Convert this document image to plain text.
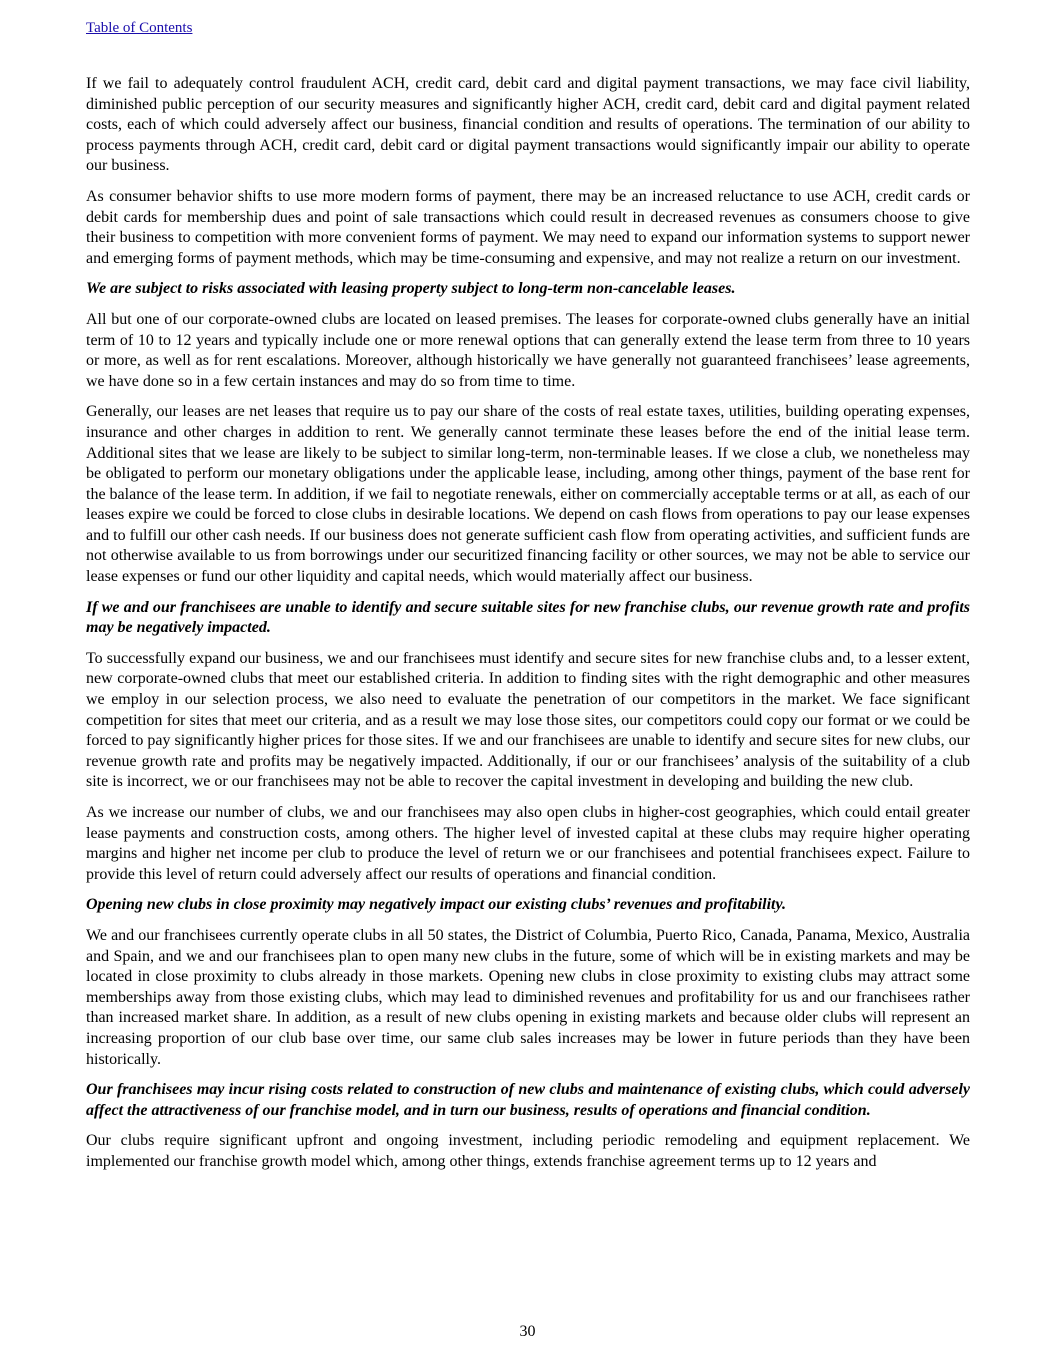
Table of Contents

If we fail to adequately control fraudulent ACH, credit card, debit card and digital payment transactions, we may face civil liability, diminished public perception of our security measures and significantly higher ACH, credit card, debit card and digital payment related costs, each of which could adversely affect our business, financial condition and results of operations. The termination of our ability to process payments through ACH, credit card, debit card or digital payment transactions would significantly impair our ability to operate our business.

As consumer behavior shifts to use more modern forms of payment, there may be an increased reluctance to use ACH, credit cards or debit cards for membership dues and point of sale transactions which could result in decreased revenues as consumers choose to give their business to competition with more convenient forms of payment. We may need to expand our information systems to support newer and emerging forms of payment methods, which may be time-consuming and expensive, and may not realize a return on our investment.

We are subject to risks associated with leasing property subject to long-term non-cancelable leases.

All but one of our corporate-owned clubs are located on leased premises. The leases for corporate-owned clubs generally have an initial term of 10 to 12 years and typically include one or more renewal options that can generally extend the lease term from three to 10 years or more, as well as for rent escalations. Moreover, although historically we have generally not guaranteed franchisees’ lease agreements, we have done so in a few certain instances and may do so from time to time.

Generally, our leases are net leases that require us to pay our share of the costs of real estate taxes, utilities, building operating expenses, insurance and other charges in addition to rent. We generally cannot terminate these leases before the end of the initial lease term. Additional sites that we lease are likely to be subject to similar long-term, non-terminable leases. If we close a club, we nonetheless may be obligated to perform our monetary obligations under the applicable lease, including, among other things, payment of the base rent for the balance of the lease term. In addition, if we fail to negotiate renewals, either on commercially acceptable terms or at all, as each of our leases expire we could be forced to close clubs in desirable locations. We depend on cash flows from operations to pay our lease expenses and to fulfill our other cash needs. If our business does not generate sufficient cash flow from operating activities, and sufficient funds are not otherwise available to us from borrowings under our securitized financing facility or other sources, we may not be able to service our lease expenses or fund our other liquidity and capital needs, which would materially affect our business.

If we and our franchisees are unable to identify and secure suitable sites for new franchise clubs, our revenue growth rate and profits may be negatively impacted.

To successfully expand our business, we and our franchisees must identify and secure sites for new franchise clubs and, to a lesser extent, new corporate-owned clubs that meet our established criteria. In addition to finding sites with the right demographic and other measures we employ in our selection process, we also need to evaluate the penetration of our competitors in the market. We face significant competition for sites that meet our criteria, and as a result we may lose those sites, our competitors could copy our format or we could be forced to pay significantly higher prices for those sites. If we and our franchisees are unable to identify and secure sites for new clubs, our revenue growth rate and profits may be negatively impacted. Additionally, if our or our franchisees’ analysis of the suitability of a club site is incorrect, we or our franchisees may not be able to recover the capital investment in developing and building the new club.

As we increase our number of clubs, we and our franchisees may also open clubs in higher-cost geographies, which could entail greater lease payments and construction costs, among others. The higher level of invested capital at these clubs may require higher operating margins and higher net income per club to produce the level of return we or our franchisees and potential franchisees expect. Failure to provide this level of return could adversely affect our results of operations and financial condition.

Opening new clubs in close proximity may negatively impact our existing clubs’ revenues and profitability.

We and our franchisees currently operate clubs in all 50 states, the District of Columbia, Puerto Rico, Canada, Panama, Mexico, Australia and Spain, and we and our franchisees plan to open many new clubs in the future, some of which will be in existing markets and may be located in close proximity to clubs already in those markets. Opening new clubs in close proximity to existing clubs may attract some memberships away from those existing clubs, which may lead to diminished revenues and profitability for us and our franchisees rather than increased market share. In addition, as a result of new clubs opening in existing markets and because older clubs will represent an increasing proportion of our club base over time, our same club sales increases may be lower in future periods than they have been historically.

Our franchisees may incur rising costs related to construction of new clubs and maintenance of existing clubs, which could adversely affect the attractiveness of our franchise model, and in turn our business, results of operations and financial condition.

Our clubs require significant upfront and ongoing investment, including periodic remodeling and equipment replacement. We implemented our franchise growth model which, among other things, extends franchise agreement terms up to 12 years and

30
